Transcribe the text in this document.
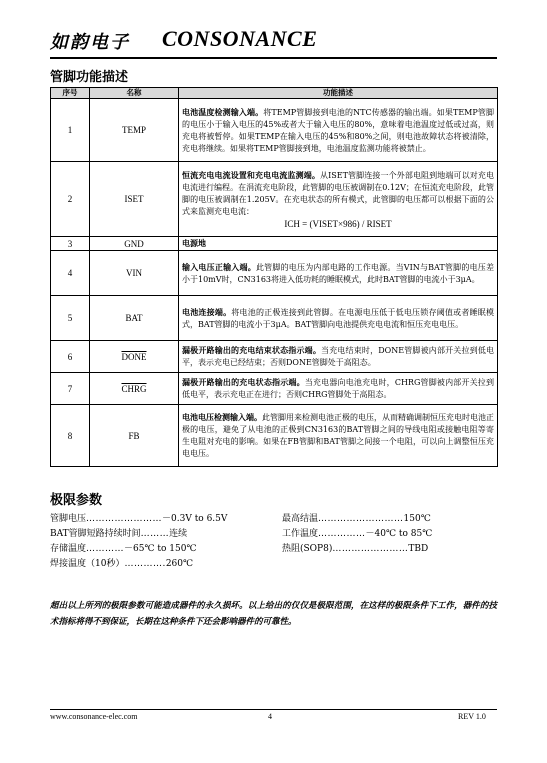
如韵电子 CONSONANCE
管脚功能描述
序号	名称	功能描述
1	TEMP	电池温度检测输入端。将TEMP管脚接到电池的NTC传感器的输出端。如果TEMP管脚的电压小于输入电压的45%或者大于输入电压的80%，意味着电池温度过低或过高，则充电将被暂停。如果TEMP在输入电压的45%和80%之间，则电池故障状态将被清除，充电将继续。如果将TEMP管脚接到地，电池温度监测功能将被禁止。
2	ISET	恒流充电电流设置和充电电流监测端。从ISET管脚连接一个外部电阻到地端可以对充电电流进行编程。在涓流充电阶段，此管脚的电压被调制在0.12V；在恒流充电阶段，此管脚的电压被调制在1.205V。在充电状态的所有模式，此管脚的电压都可以根据下面的公式来监测充电电流：
ICH = (VISET×986) / RISET

3	GND	电源地
4	VIN	输入电压正输入端。此管脚的电压为内部电路的工作电源。当VIN与BAT管脚的电压差小于10mV时，CN3163将进入低功耗的睡眠模式，此时BAT管脚的电流小于3μA。
5	BAT	电池连接端。将电池的正极连接到此管脚。在电源电压低于低电压锁存阈值或者睡眠模式，BAT管脚的电流小于3μA。BAT管脚向电池提供充电电流和恒压充电电压。
6	DONE	漏极开路输出的充电结束状态指示端。当充电结束时，DONE管脚被内部开关拉到低电平，表示充电已经结束；否则DONE管脚处于高阻态。
7	CHRG	漏极开路输出的充电状态指示端。当充电器向电池充电时，CHRG管脚被内部开关拉到低电平，表示充电正在进行；否则CHRG管脚处于高阻态。
8	FB	电池电压检测输入端。此管脚用来检测电池正极的电压，从而精确调制恒压充电时电池正极的电压，避免了从电池的正极到CN3163的BAT管脚之间的导线电阻或接触电阻等寄生电阻对充电的影响。如果在FB管脚和BAT管脚之间接一个电阻，可以向上调整恒压充电电压。
极限参数
管脚电压……………………－0.3V to 6.5V
BAT管脚短路持续时间………连续
存储温度…………－65℃ to 150℃
焊接温度（10秒）………….260℃
最高结温………………………150℃
工作温度……………－40℃ to 85℃
热阻(SOP8)……………………TBD
超出以上所列的极限参数可能造成器件的永久损坏。以上给出的仅仅是极限范围，在这样的极限条件下工作，器件的技术指标将得不到保证，长期在这种条件下还会影响器件的可靠性。
www.consonance-elec.com	4	REV 1.0
